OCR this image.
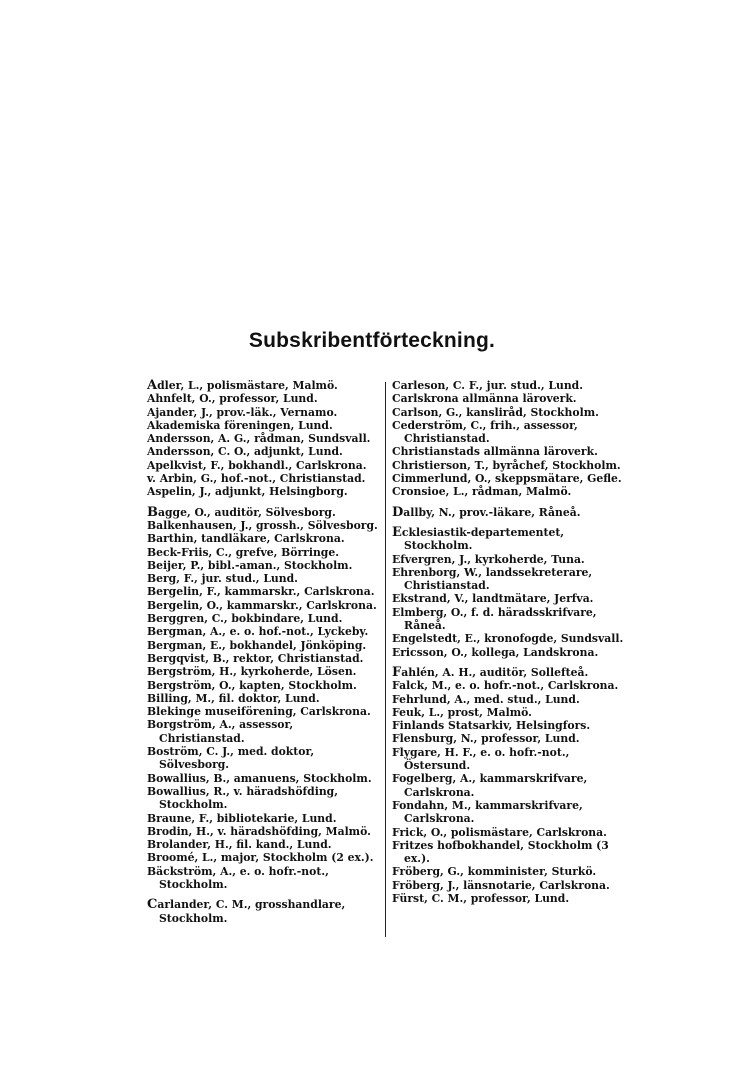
Subskribentförteckning.
Adler, L., polismästare, Malmö.
Ahnfelt, O., professor, Lund.
Ajander, J., prov.-läk., Vernamo.
Akademiska föreningen, Lund.
Andersson, A. G., rådman, Sundsvall.
Andersson, C. O., adjunkt, Lund.
Apelkvist, F., bokhandl., Carlskrona.
v. Arbin, G., hof.-not., Christianstad.
Aspelin, J., adjunkt, Helsingborg.
Bagge, O., auditör, Sölvesborg.
Balkenhausen, J., grossh., Sölvesborg.
Barthin, tandläkare, Carlskrona.
Beck-Friis, C., grefve, Börringe.
Beijer, P., bibl.-aman., Stockholm.
Berg, F., jur. stud., Lund.
Bergelin, F., kammarskr., Carlskrona.
Bergelin, O., kammarskr., Carlskrona.
Berggren, C., bokbindare, Lund.
Bergman, A., e. o. hof.-not., Lyckeby.
Bergman, E., bokhandel, Jönköping.
Bergqvist, B., rektor, Christianstad.
Bergström, H., kyrkoherde, Lösen.
Bergström, O., kapten, Stockholm.
Billing, M., fil. doktor, Lund.
Blekinge museiförening, Carlskrona.
Borgström, A., assessor, Christianstad.
Boström, C. J., med. doktor, Sölvesborg.
Bowallius, B., amanuens, Stockholm.
Bowallius, R., v. häradshöfding, Stockholm.
Braune, F., bibliotekarie, Lund.
Brodin, H., v. häradshöfding, Malmö.
Brolander, H., fil. kand., Lund.
Broomé, L., major, Stockholm (2 ex.).
Bäckström, A., e. o. hofr.-not., Stockholm.
Carlander, C. M., grosshandlare, Stockholm.
Carleson, C. F., jur. stud., Lund.
Carlskrona allmänna läroverk.
Carlson, G., kansliråd, Stockholm.
Cederström, C., frih., assessor, Christianstad.
Christianstads allmänna läroverk.
Christierson, T., byråchef, Stockholm.
Cimmerlund, O., skeppsmätare, Gefle.
Cronsioe, L., rådman, Malmö.
Dallby, N., prov.-läkare, Råneå.
Ecklesiastik-departementet, Stockholm.
Efvergren, J., kyrkoherde, Tuna.
Ehrenborg, W., landssekreterare, Christianstad.
Ekstrand, V., landtmätare, Jerfva.
Elmberg, O., f. d. häradsskrifvare, Råneå.
Engelstedt, E., kronofogde, Sundsvall.
Ericsson, O., kollega, Landskrona.
Fahlén, A. H., auditör, Sollefteå.
Falck, M., e. o. hofr.-not., Carlskrona.
Fehrlund, A., med. stud., Lund.
Feuk, L., prost, Malmö.
Finlands Statsarkiv, Helsingfors.
Flensburg, N., professor, Lund.
Flygare, H. F., e. o. hofr.-not., Östersund.
Fogelberg, A., kammarskrifvare, Carlskrona.
Fondahn, M., kammarskrifvare, Carlskrona.
Frick, O., polismästare, Carlskrona.
Fritzes hofbokhandel, Stockholm (3 ex.).
Fröberg, G., komminister, Sturkö.
Fröberg, J., länsnotarie, Carlskrona.
Fürst, C. M., professor, Lund.
